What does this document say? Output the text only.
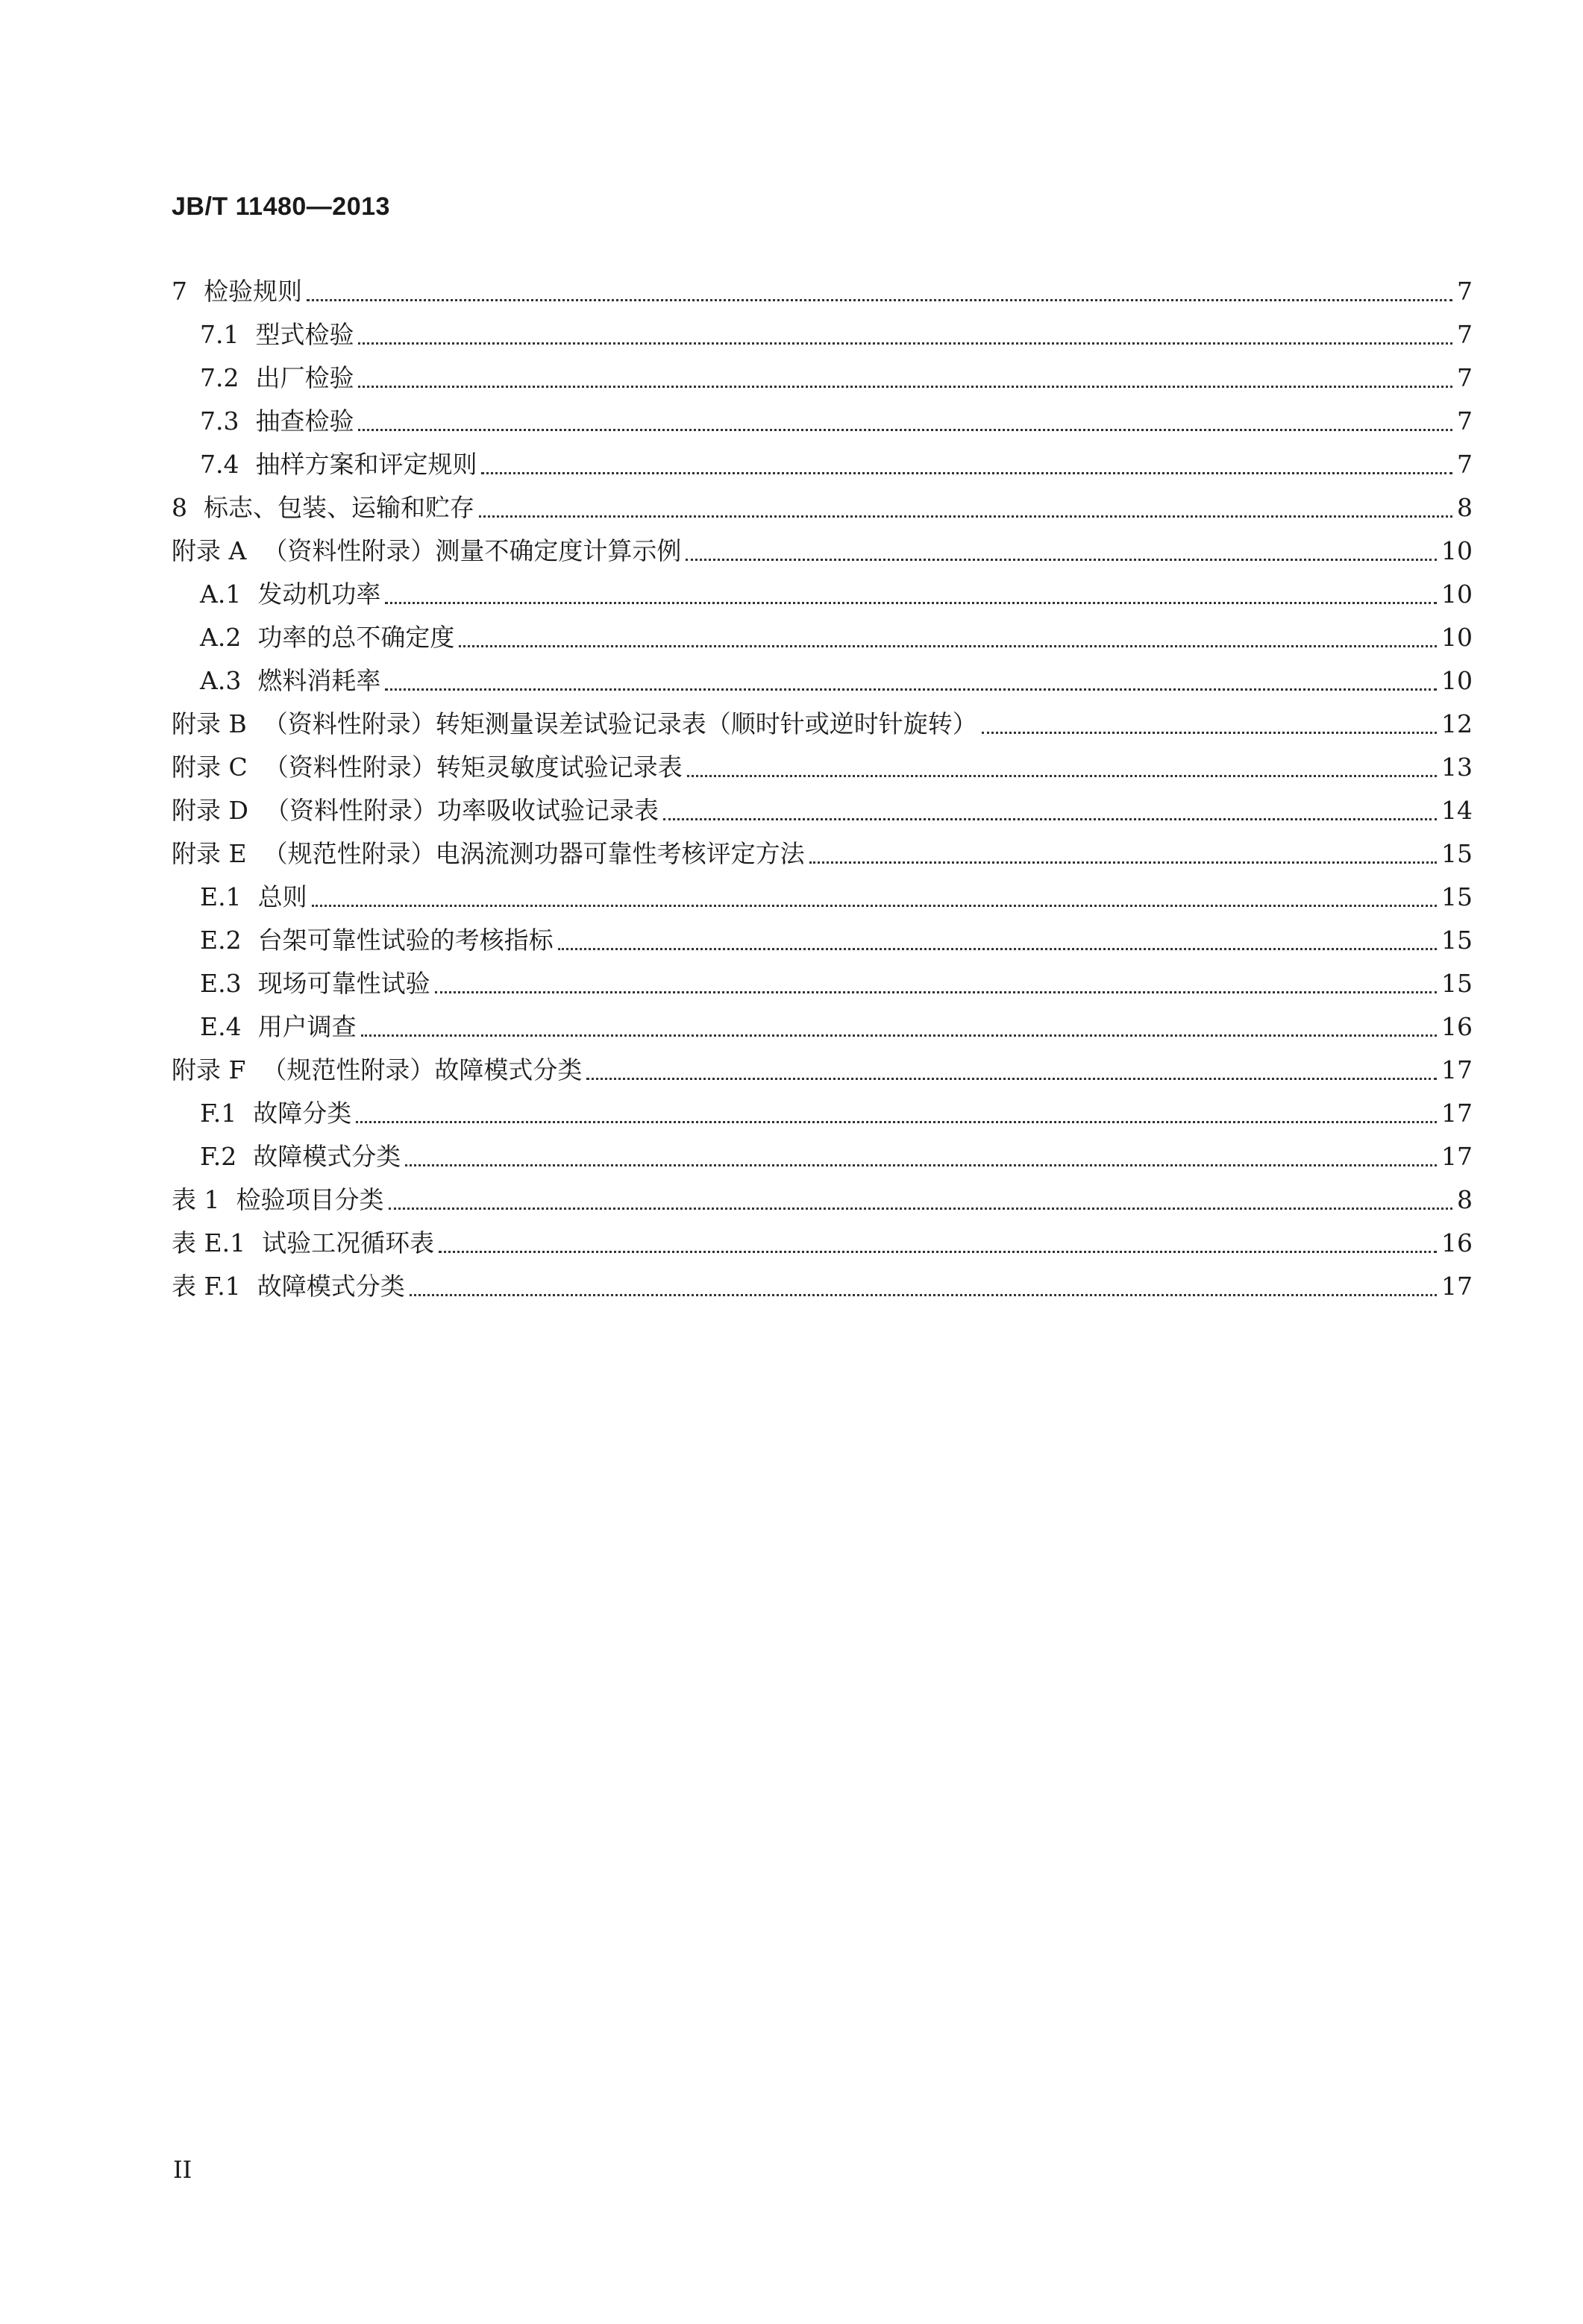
JB/T 11480—2013
7 检验规则	7
7.1 型式检验	7
7.2 出厂检验	7
7.3 抽查检验	7
7.4 抽样方案和评定规则	7
8 标志、包装、运输和贮存	8
附录 A （资料性附录）测量不确定度计算示例	10
A.1 发动机功率	10
A.2 功率的总不确定度	10
A.3 燃料消耗率	10
附录 B （资料性附录）转矩测量误差试验记录表（顺时针或逆时针旋转）	12
附录 C （资料性附录）转矩灵敏度试验记录表	13
附录 D （资料性附录）功率吸收试验记录表	14
附录 E （规范性附录）电涡流测功器可靠性考核评定方法	15
E.1 总则	15
E.2 台架可靠性试验的考核指标	15
E.3 现场可靠性试验	15
E.4 用户调查	16
附录 F （规范性附录）故障模式分类	17
F.1 故障分类	17
F.2 故障模式分类	17
表 1 检验项目分类	8
表 E.1 试验工况循环表	16
表 F.1 故障模式分类	17
II
